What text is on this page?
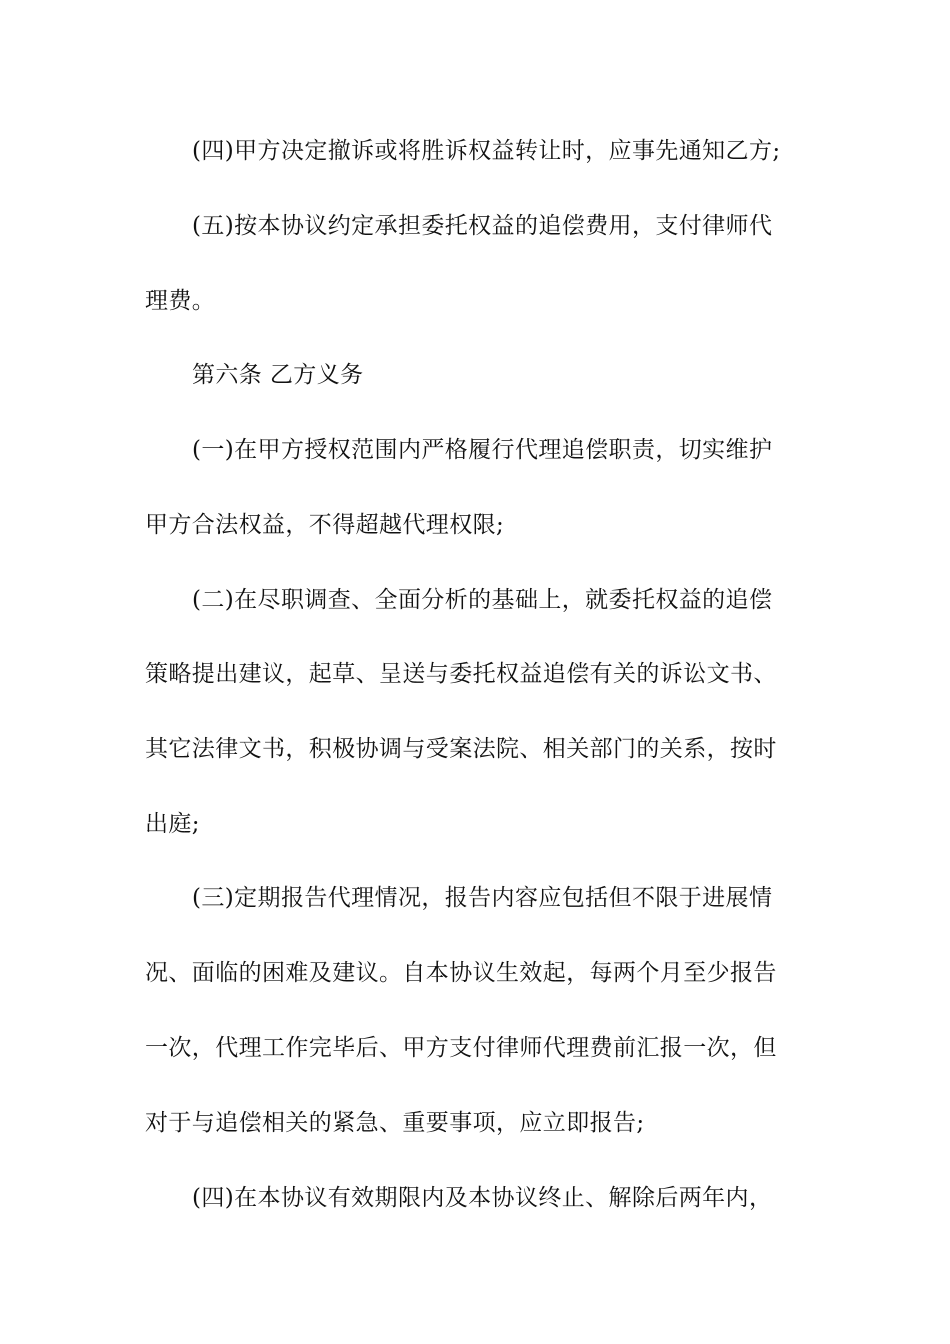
(四)甲方决定撤诉或将胜诉权益转让时，应事先通知乙方;
(五)按本协议约定承担委托权益的追偿费用，支付律师代
理费。
第六条 乙方义务
(一)在甲方授权范围内严格履行代理追偿职责，切实维护
甲方合法权益，不得超越代理权限;
(二)在尽职调查、全面分析的基础上，就委托权益的追偿
策略提出建议，起草、呈送与委托权益追偿有关的诉讼文书、
其它法律文书，积极协调与受案法院、相关部门的关系，按时
出庭;
(三)定期报告代理情况，报告内容应包括但不限于进展情
况、面临的困难及建议。自本协议生效起，每两个月至少报告
一次，代理工作完毕后、甲方支付律师代理费前汇报一次，但
对于与追偿相关的紧急、重要事项，应立即报告;
(四)在本协议有效期限内及本协议终止、解除后两年内，
